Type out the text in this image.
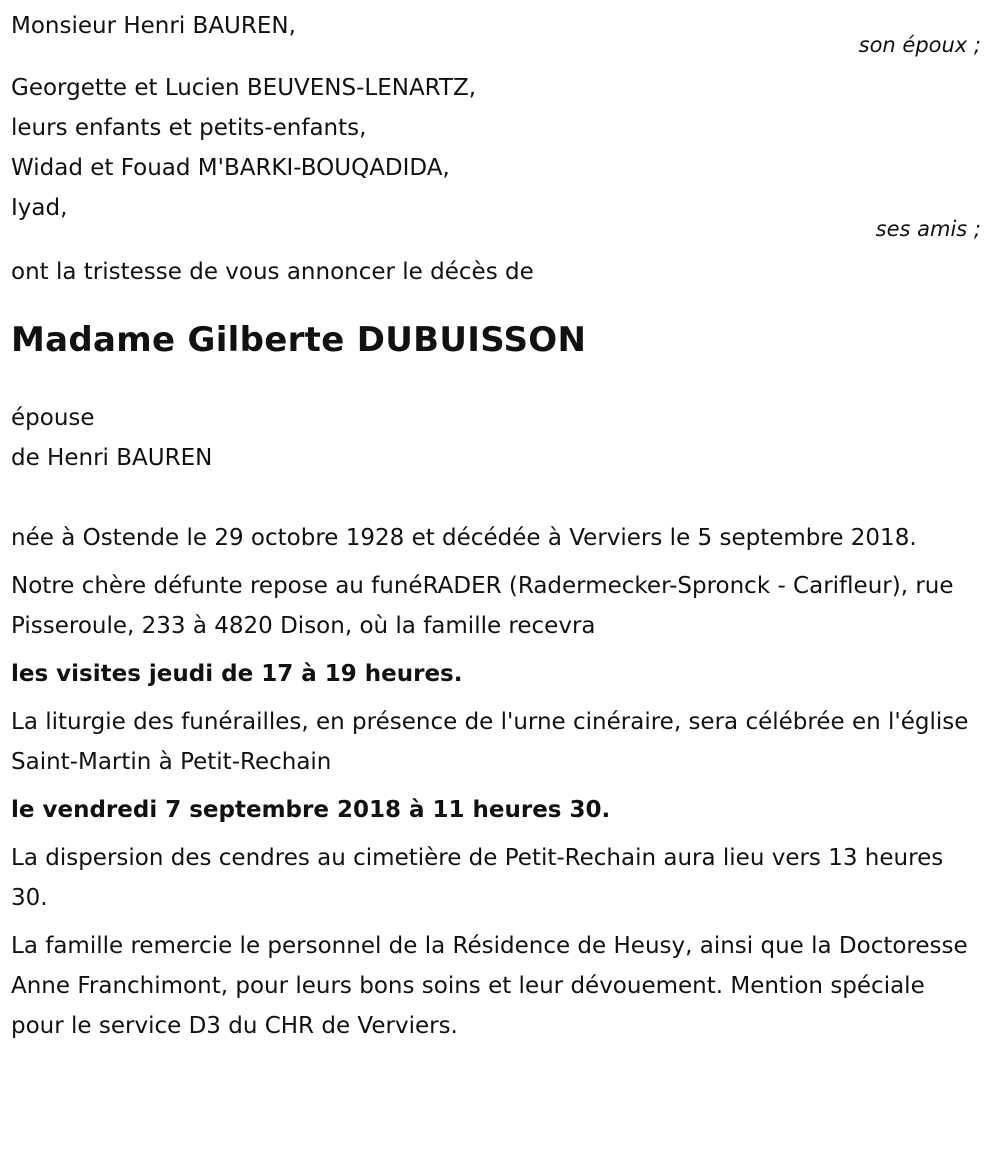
Monsieur Henri BAUREN,
son époux ;
Georgette et Lucien BEUVENS-LENARTZ,
leurs enfants et petits-enfants,
Widad et Fouad M'BARKI-BOUQADIDA,
Iyad,
ses amis ;
ont la tristesse de vous annoncer le décès de
Madame Gilberte DUBUISSON
épouse
de Henri BAUREN
née à Ostende le 29 octobre 1928 et décédée à Verviers le 5 septembre 2018.
Notre chère défunte repose au funéRADER (Radermecker-Spronck - Carifleur), rue Pisseroule, 233 à 4820 Dison, où la famille recevra
les visites jeudi de 17 à 19 heures.
La liturgie des funérailles, en présence de l'urne cinéraire, sera célébrée en l'église Saint-Martin à Petit-Rechain
le vendredi 7 septembre 2018 à 11 heures 30.
La dispersion des cendres au cimetière de Petit-Rechain aura lieu vers 13 heures 30.
La famille remercie le personnel de la Résidence de Heusy, ainsi que la Doctoresse Anne Franchimont, pour leurs bons soins et leur dévouement. Mention spéciale pour le service D3 du CHR de Verviers.
